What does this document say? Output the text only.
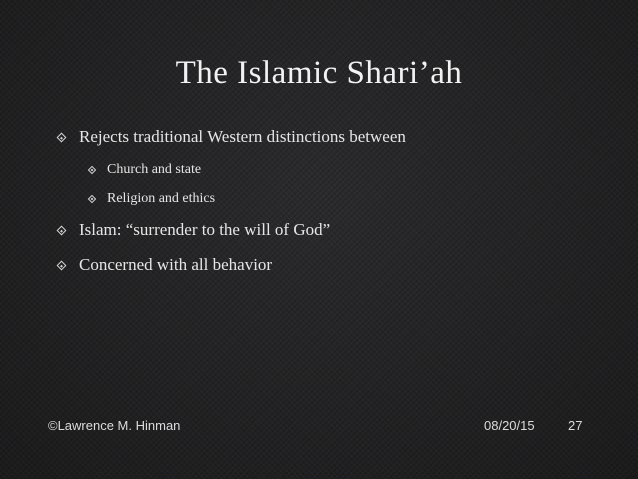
The Islamic Shari’ah
Rejects traditional Western distinctions between
Church and state
Religion and ethics
Islam: “surrender to the will of God”
Concerned with all behavior
©Lawrence M. Hinman	08/20/15	27
